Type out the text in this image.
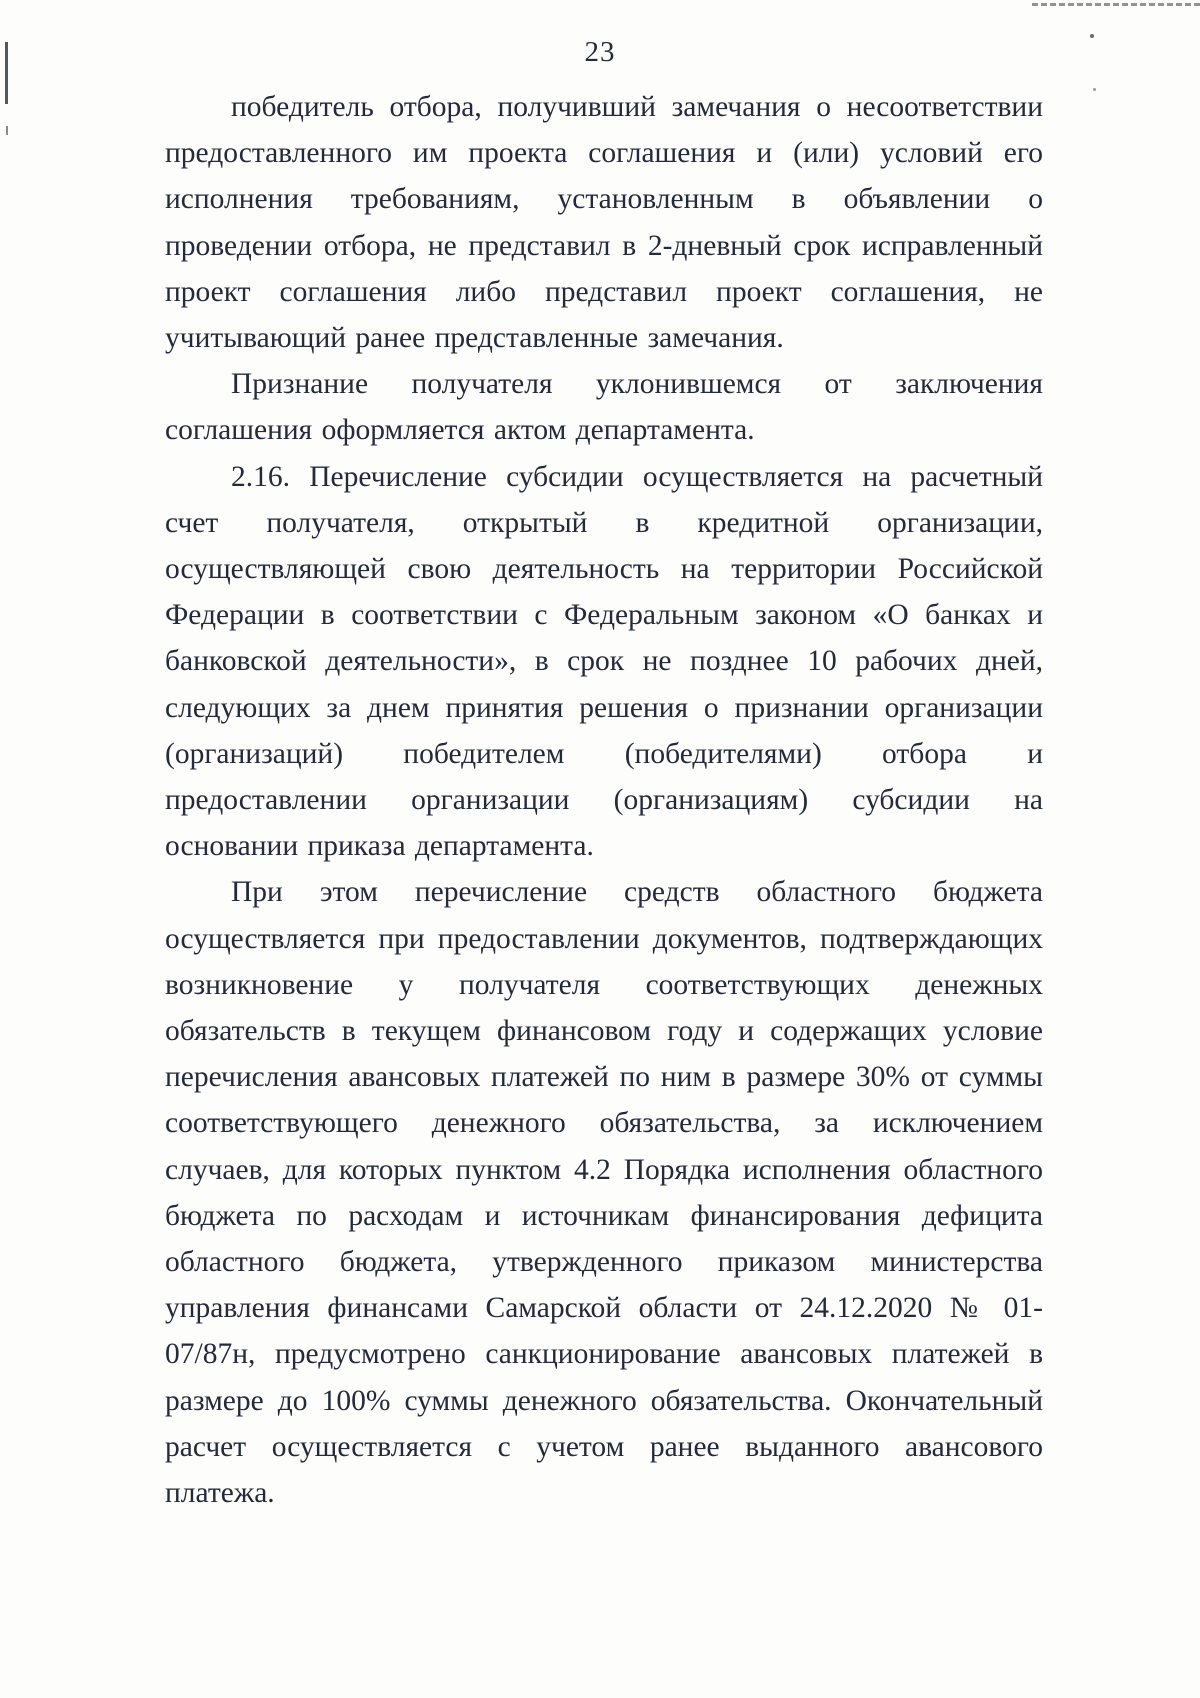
23

победитель отбора, получивший замечания о несоответствии предоставленного им проекта соглашения и (или) условий его исполнения требованиям, установленным в объявлении о проведении отбора, не представил в 2-дневный срок исправленный проект соглашения либо представил проект соглашения, не учитывающий ранее представленные замечания.

Признание получателя уклонившемся от заключения соглашения оформляется актом департамента.

2.16. Перечисление субсидии осуществляется на расчетный счет получателя, открытый в кредитной организации, осуществляющей свою деятельность на территории Российской Федерации в соответствии с Федеральным законом «О банках и банковской деятельности», в срок не позднее 10 рабочих дней, следующих за днем принятия решения о признании организации (организаций) победителем (победителями) отбора и предоставлении организации (организациям) субсидии на основании приказа департамента.

При этом перечисление средств областного бюджета осуществляется при предоставлении документов, подтверждающих возникновение у получателя соответствующих денежных обязательств в текущем финансовом году и содержащих условие перечисления авансовых платежей по ним в размере 30% от суммы соответствующего денежного обязательства, за исключением случаев, для которых пунктом 4.2 Порядка исполнения областного бюджета по расходам и источникам финансирования дефицита областного бюджета, утвержденного приказом министерства управления финансами Самарской области от 24.12.2020 № 01-07/87н, предусмотрено санкционирование авансовых платежей в размере до 100% суммы денежного обязательства. Окончательный расчет осуществляется с учетом ранее выданного авансового платежа.
